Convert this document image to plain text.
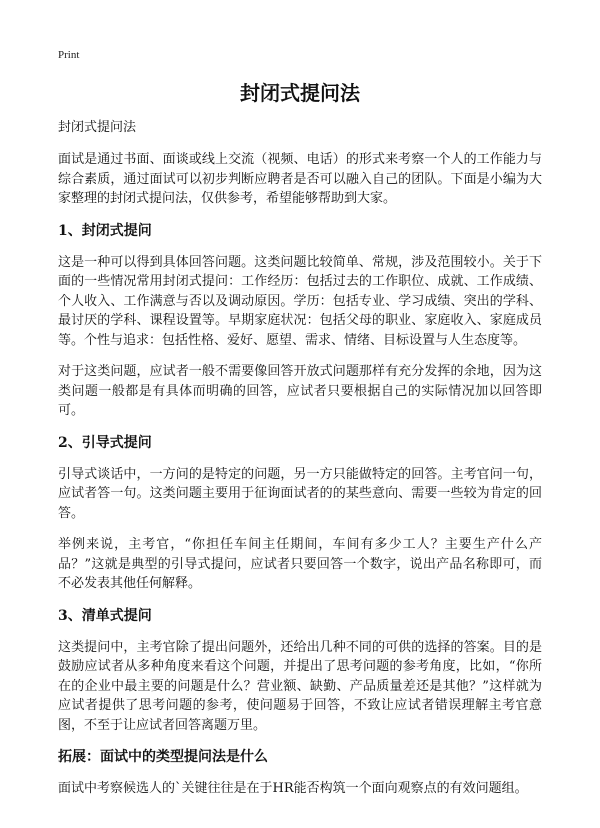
Print
封闭式提问法
封闭式提问法

面试是通过书面、面谈或线上交流（视频、电话）的形式来考察一个人的工作能力与综合素质，通过面试可以初步判断应聘者是否可以融入自己的团队。下面是小编为大家整理的封闭式提问法，仅供参考，希望能够帮助到大家。

1、封闭式提问

这是一种可以得到具体回答问题。这类问题比较简单、常规，涉及范围较小。关于下面的一些情况常用封闭式提问：工作经历：包括过去的工作职位、成就、工作成绩、个人收入、工作满意与否以及调动原因。学历：包括专业、学习成绩、突出的学科、最讨厌的学科、课程设置等。早期家庭状况：包括父母的职业、家庭收入、家庭成员等。个性与追求：包括性格、爱好、愿望、需求、情绪、目标设置与人生态度等。

对于这类问题，应试者一般不需要像回答开放式问题那样有充分发挥的余地，因为这类问题一般都是有具体而明确的回答，应试者只要根据自己的实际情况加以回答即可。

2、引导式提问

引导式谈话中，一方问的是特定的问题，另一方只能做特定的回答。主考官问一句，应试者答一句。这类问题主要用于征询面试者的的某些意向、需要一些较为肯定的回答。

举例来说，主考官，“你担任车间主任期间，车间有多少工人？主要生产什么产品？”这就是典型的引导式提问，应试者只要回答一个数字，说出产品名称即可，而不必发表其他任何解释。

3、清单式提问

这类提问中，主考官除了提出问题外，还给出几种不同的可供的选择的答案。目的是鼓励应试者从多种角度来看这个问题，并提出了思考问题的参考角度，比如，“你所在的企业中最主要的问题是什么？营业额、缺勤、产品质量差还是其他？”这样就为应试者提供了思考问题的参考，使问题易于回答，不致让应试者错误理解主考官意图，不至于让应试者回答离题万里。

拓展：面试中的类型提问法是什么

面试中考察候选人的`关键往往是在于HR能否构筑一个面向观察点的有效问题组。
